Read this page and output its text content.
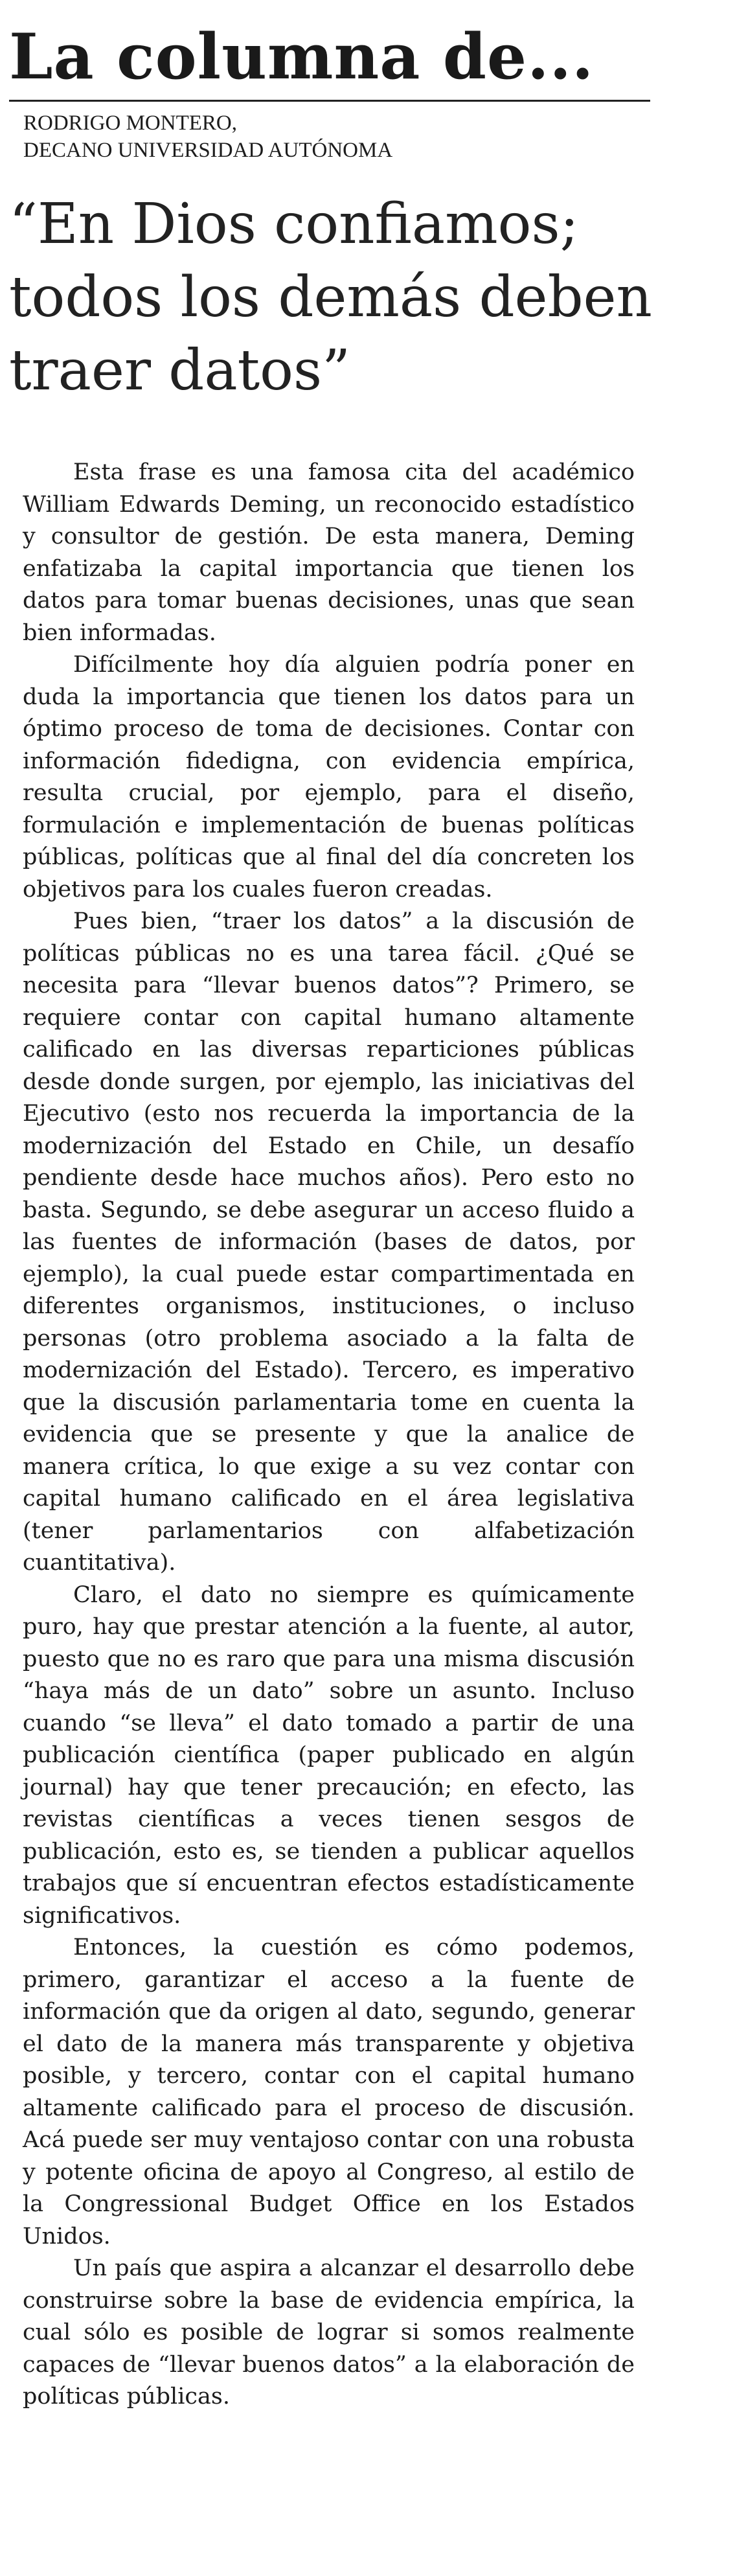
La columna de...
RODRIGO MONTERO,
DECANO UNIVERSIDAD AUTÓNOMA
“En Dios confiamos; todos los demás deben traer datos”

Esta frase es una famosa cita del académico William Edwards Deming, un reconocido estadístico y consultor de gestión. De esta manera, Deming enfatizaba la capital importancia que tienen los datos para tomar buenas decisiones, unas que sean bien informadas.

Difícilmente hoy día alguien podría poner en duda la importancia que tienen los datos para un óptimo proceso de toma de decisiones. Contar con información fidedigna, con evidencia empírica, resulta crucial, por ejemplo, para el diseño, formulación e implementación de buenas políticas públicas, políticas que al final del día concreten los objetivos para los cuales fueron creadas.

Pues bien, “traer los datos” a la discusión de políticas públicas no es una tarea fácil. ¿Qué se necesita para “llevar buenos datos”? Primero, se requiere contar con capital humano altamente calificado en las diversas reparticiones públicas desde donde surgen, por ejemplo, las iniciativas del Ejecutivo (esto nos recuerda la importancia de la modernización del Estado en Chile, un desafío pendiente desde hace muchos años). Pero esto no basta. Segundo, se debe asegurar un acceso fluido a las fuentes de información (bases de datos, por ejemplo), la cual puede estar compartimentada en diferentes organismos, instituciones, o incluso personas (otro problema asociado a la falta de modernización del Estado). Tercero, es imperativo que la discusión parlamentaria tome en cuenta la evidencia que se presente y que la analice de manera crítica, lo que exige a su vez contar con capital humano calificado en el área legislativa (tener parlamentarios con alfabetización cuantitativa).

Claro, el dato no siempre es químicamente puro, hay que prestar atención a la fuente, al autor, puesto que no es raro que para una misma discusión “haya más de un dato” sobre un asunto. Incluso cuando “se lleva” el dato tomado a partir de una publicación científica (paper publicado en algún journal) hay que tener precaución; en efecto, las revistas científicas a veces tienen sesgos de publicación, esto es, se tienden a publicar aquellos trabajos que sí encuentran efectos estadísticamente significativos.

Entonces, la cuestión es cómo podemos, primero, garantizar el acceso a la fuente de información que da origen al dato, segundo, generar el dato de la manera más transparente y objetiva posible, y tercero, contar con el capital humano altamente calificado para el proceso de discusión. Acá puede ser muy ventajoso contar con una robusta y potente oficina de apoyo al Congreso, al estilo de la Congressional Budget Office en los Estados Unidos.

Un país que aspira a alcanzar el desarrollo debe construirse sobre la base de evidencia empírica, la cual sólo es posible de lograr si somos realmente capaces de “llevar buenos datos” a la elaboración de políticas públicas.
